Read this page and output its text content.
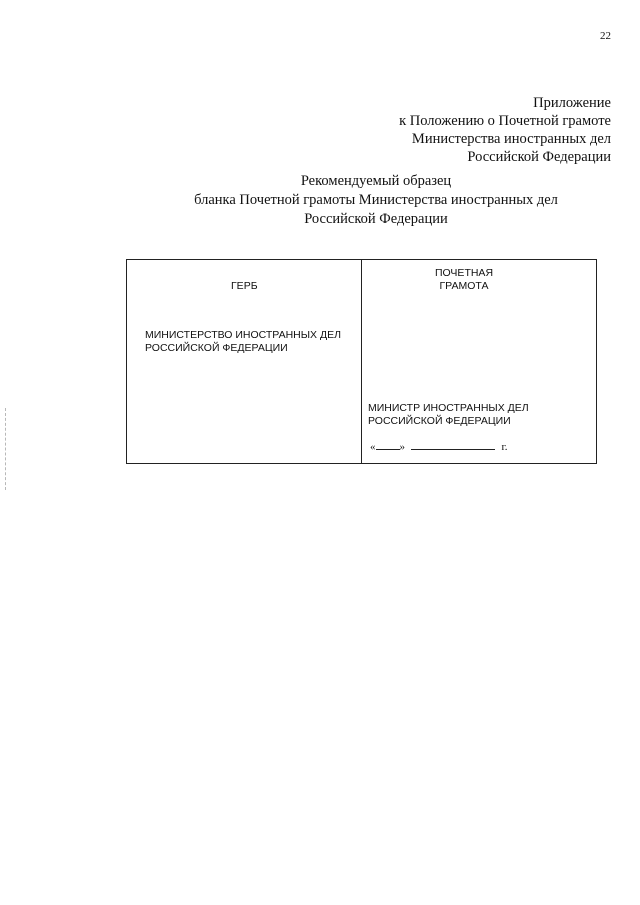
22
Приложение
к Положению о Почетной грамоте
Министерства иностранных дел
Российской Федерации
Рекомендуемый образец
бланка Почетной грамоты Министерства иностранных дел
Российской Федерации
ГЕРБ
МИНИСТЕРСТВО ИНОСТРАННЫХ ДЕЛ
РОССИЙСКОЙ ФЕДЕРАЦИИ
ПОЧЕТНАЯ
ГРАМОТА
МИНИСТР ИНОСТРАННЫХ ДЕЛ
РОССИЙСКОЙ ФЕДЕРАЦИИ
« »	г.
